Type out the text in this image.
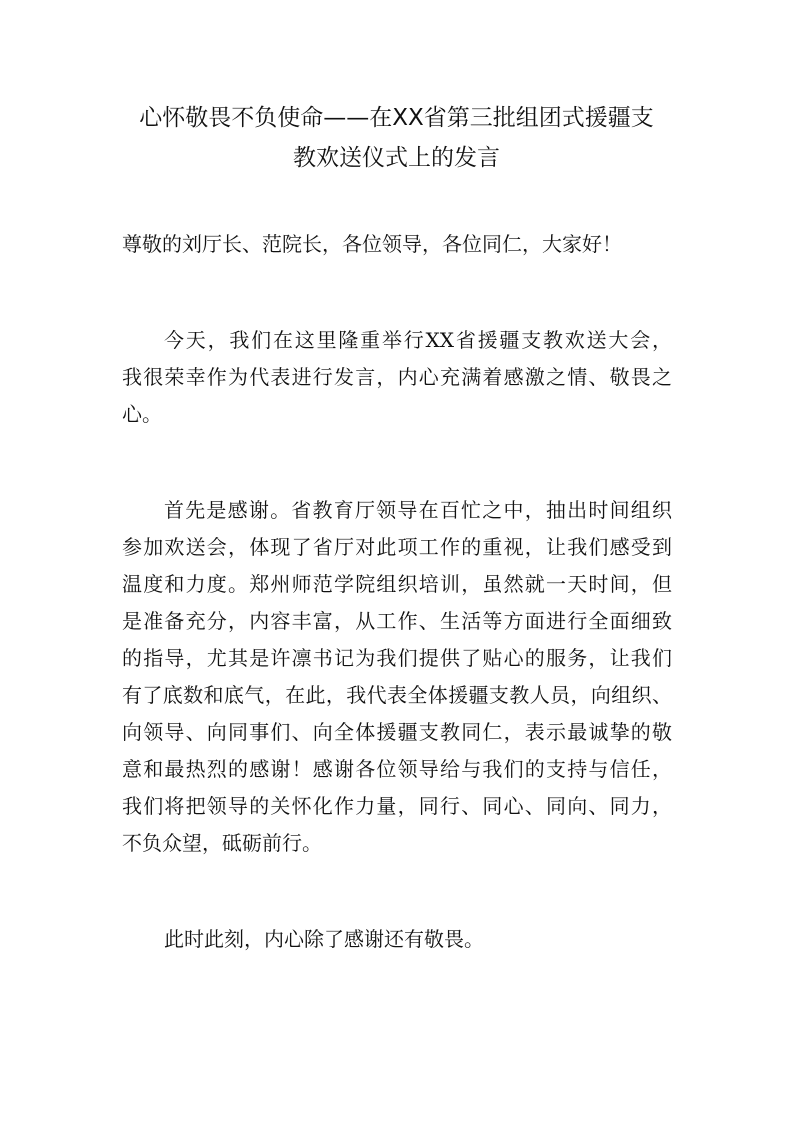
心怀敬畏不负使命——在XX省第三批组团式援疆支
教欢送仪式上的发言
尊敬的刘厅长、范院长，各位领导，各位同仁，大家好！
今天，我们在这里隆重举行XX省援疆支教欢送大会，
我很荣幸作为代表进行发言，内心充满着感激之情、敬畏之
心。
首先是感谢。省教育厅领导在百忙之中，抽出时间组织
参加欢送会，体现了省厅对此项工作的重视，让我们感受到
温度和力度。郑州师范学院组织培训，虽然就一天时间，但
是准备充分，内容丰富，从工作、生活等方面进行全面细致
的指导，尤其是许凛书记为我们提供了贴心的服务，让我们
有了底数和底气，在此，我代表全体援疆支教人员，向组织、
向领导、向同事们、向全体援疆支教同仁，表示最诚挚的敬
意和最热烈的感谢！感谢各位领导给与我们的支持与信任，
我们将把领导的关怀化作力量，同行、同心、同向、同力，
不负众望，砥砺前行。
此时此刻，内心除了感谢还有敬畏。
